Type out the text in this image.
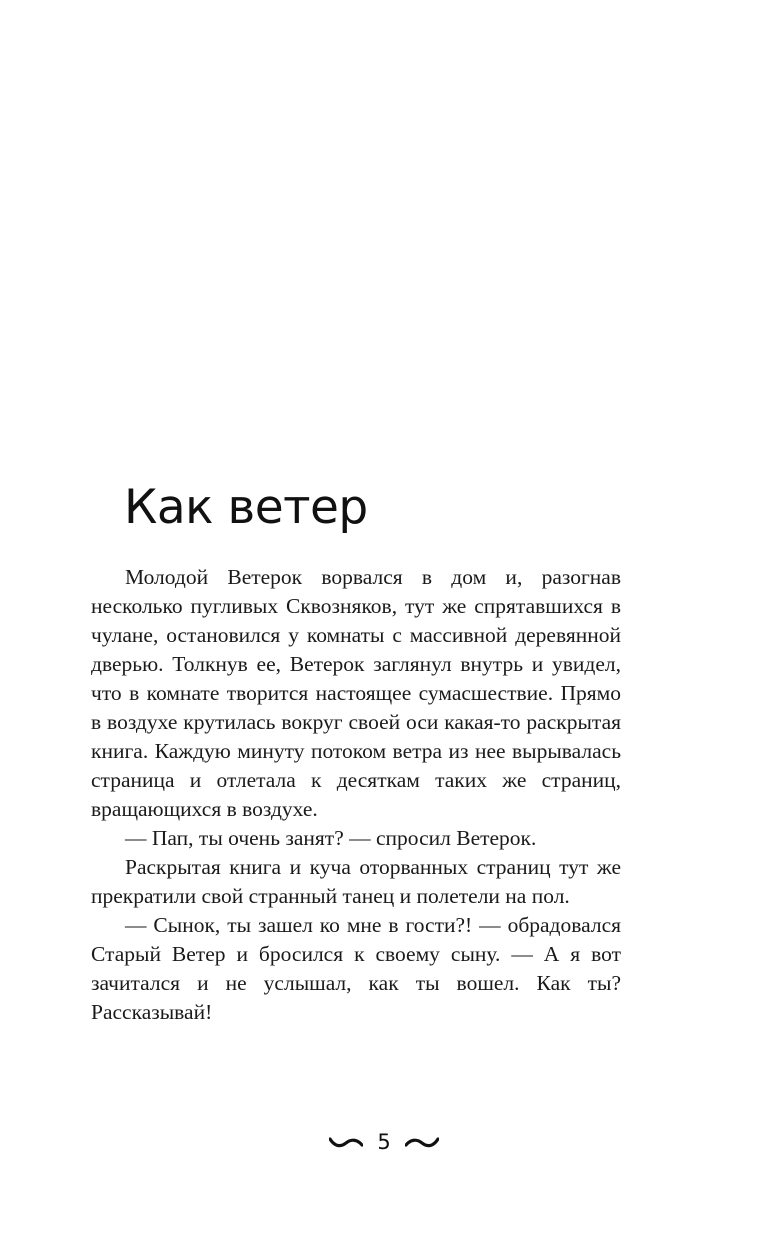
Как ветер

Молодой Ветерок ворвался в дом и, разогнав несколько пугливых Сквозняков, тут же спрятавшихся в чулане, остановился у комнаты с массивной деревянной дверью. Толкнув ее, Ветерок заглянул внутрь и увидел, что в комнате творится настоящее сумасшествие. Прямо в воздухе крутилась вокруг своей оси какая-то раскрытая книга. Каждую минуту потоком ветра из нее вырывалась страница и отлетала к десяткам таких же страниц, вращающихся в воздухе.

— Пап, ты очень занят? — спросил Ветерок.

Раскрытая книга и куча оторванных страниц тут же прекратили свой странный танец и полетели на пол.

— Сынок, ты зашел ко мне в гости?! — обрадовался Старый Ветер и бросился к своему сыну. — А я вот зачитался и не услышал, как ты вошел. Как ты? Рассказывай!

5
